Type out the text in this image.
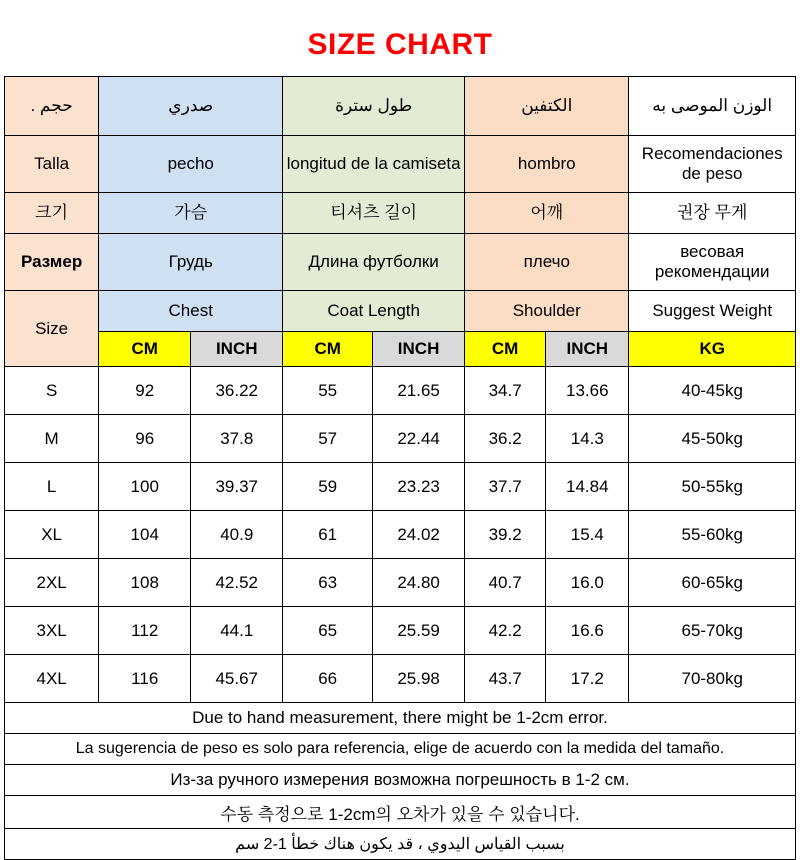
SIZE CHART
حجم .	صدري		طول سترة		الكتفين		الوزن الموصى به
Talla	pecho		longitud de la camiseta		hombro		Recomendaciones de peso
크기	가슴		티셔츠 길이		어깨		권장 무게
Размер	Грудь		Длина футболки		плечо		весовая рекомендации
Size	Chest		Coat Length		Shoulder		Suggest Weight
	CM	INCH	CM	INCH	CM	INCH	KG
S	92	36.22	55	21.65	34.7	13.66	40-45kg
M	96	37.8	57	22.44	36.2	14.3	45-50kg
L	100	39.37	59	23.23	37.7	14.84	50-55kg
XL	104	40.9	61	24.02	39.2	15.4	55-60kg
2XL	108	42.52	63	24.80	40.7	16.0	60-65kg
3XL	112	44.1	65	25.59	42.2	16.6	65-70kg
4XL	116	45.67	66	25.98	43.7	17.2	70-80kg
Due to hand measurement, there might be 1-2cm error.
La sugerencia de peso es solo para referencia, elige de acuerdo con la medida del tamaño.
Из-за ручного измерения возможна погрешность в 1-2 см.
수동 측정으로 1-2cm의 오차가 있을 수 있습니다.
بسبب القياس اليدوي ، قد يكون هناك خطأ 1-2 سم
